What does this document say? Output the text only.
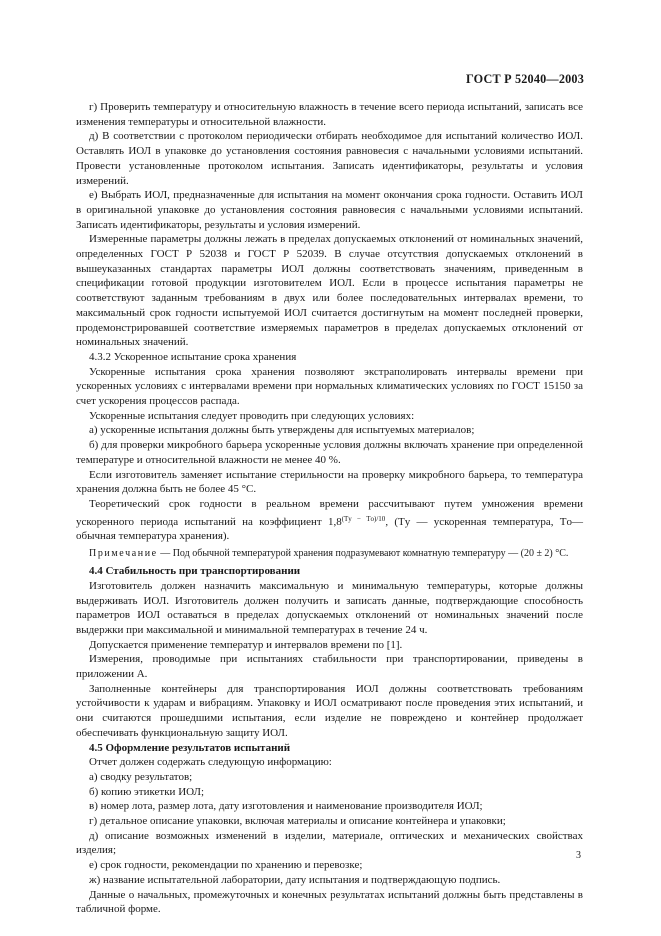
ГОСТ Р 52040—2003

г) Проверить температуру и относительную влажность в течение всего периода испытаний, записать все изменения температуры и относительной влажности.

д) В соответствии с протоколом периодически отбирать необходимое для испытаний количество ИОЛ. Оставлять ИОЛ в упаковке до установления состояния равновесия с начальными условиями испытаний. Провести установленные протоколом испытания. Записать идентификаторы, результаты и условия измерений.

е) Выбрать ИОЛ, предназначенные для испытания на момент окончания срока годности. Оставить ИОЛ в оригинальной упаковке до установления состояния равновесия с начальными условиями испытаний. Записать идентификаторы, результаты и условия измерений.

Измеренные параметры должны лежать в пределах допускаемых отклонений от номинальных значений, определенных ГОСТ Р 52038 и ГОСТ Р 52039. В случае отсутствия допускаемых отклонений в вышеуказанных стандартах параметры ИОЛ должны соответствовать значениям, приведенным в спецификации готовой продукции изготовителем ИОЛ. Если в процессе испытания параметры не соответствуют заданным требованиям в двух или более последовательных интервалах времени, то максимальный срок годности испытуемой ИОЛ считается достигнутым на момент последней проверки, продемонстрировавшей соответствие измеряемых параметров в пределах допускаемых отклонений от номинальных значений.

4.3.2 Ускоренное испытание срока хранения

Ускоренные испытания срока хранения позволяют экстраполировать интервалы времени при ускоренных условиях с интервалами времени при нормальных климатических условиях по ГОСТ 15150 за счет ускорения процессов распада.

Ускоренные испытания следует проводить при следующих условиях:

а) ускоренные испытания должны быть утверждены для испытуемых материалов;

б) для проверки микробного барьера ускоренные условия должны включать хранение при определенной температуре и относительной влажности не менее 40 %.

Если изготовитель заменяет испытание стерильности на проверку микробного барьера, то температура хранения должна быть не более 45 °С.

Теоретический срок годности в реальном времени рассчитывают путем умножения времени ускоренного периода испытаний на коэффициент $1,8^{(Tу - Tо)/10}$, (Tу — ускоренная температура, Tо— обычная температура хранения).

Примечание — Под обычной температурой хранения подразумевают комнатную температуру — (20 ± 2) °С.

4.4 Стабильность при транспортировании

Изготовитель должен назначить максимальную и минимальную температуры, которые должны выдерживать ИОЛ. Изготовитель должен получить и записать данные, подтверждающие способность параметров ИОЛ оставаться в пределах допускаемых отклонений от номинальных значений после выдержки при максимальной и минимальной температурах в течение 24 ч.

Допускается применение температур и интервалов времени по [1].

Измерения, проводимые при испытаниях стабильности при транспортировании, приведены в приложении А.

Заполненные контейнеры для транспортирования ИОЛ должны соответствовать требованиям устойчивости к ударам и вибрациям. Упаковку и ИОЛ осматривают после проведения этих испытаний, и они считаются прошедшими испытания, если изделие не повреждено и контейнер продолжает обеспечивать функциональную защиту ИОЛ.

4.5 Оформление результатов испытаний

Отчет должен содержать следующую информацию:

а) сводку результатов;

б) копию этикетки ИОЛ;

в) номер лота, размер лота, дату изготовления и наименование производителя ИОЛ;

г) детальное описание упаковки, включая материалы и описание контейнера и упаковки;

д) описание возможных изменений в изделии, материале, оптических и механических свойствах изделия;

е) срок годности, рекомендации по хранению и перевозке;

ж) название испытательной лаборатории, дату испытания и подтверждающую подпись.

Данные о начальных, промежуточных и конечных результатах испытаний должны быть представлены в табличной форме.

3
